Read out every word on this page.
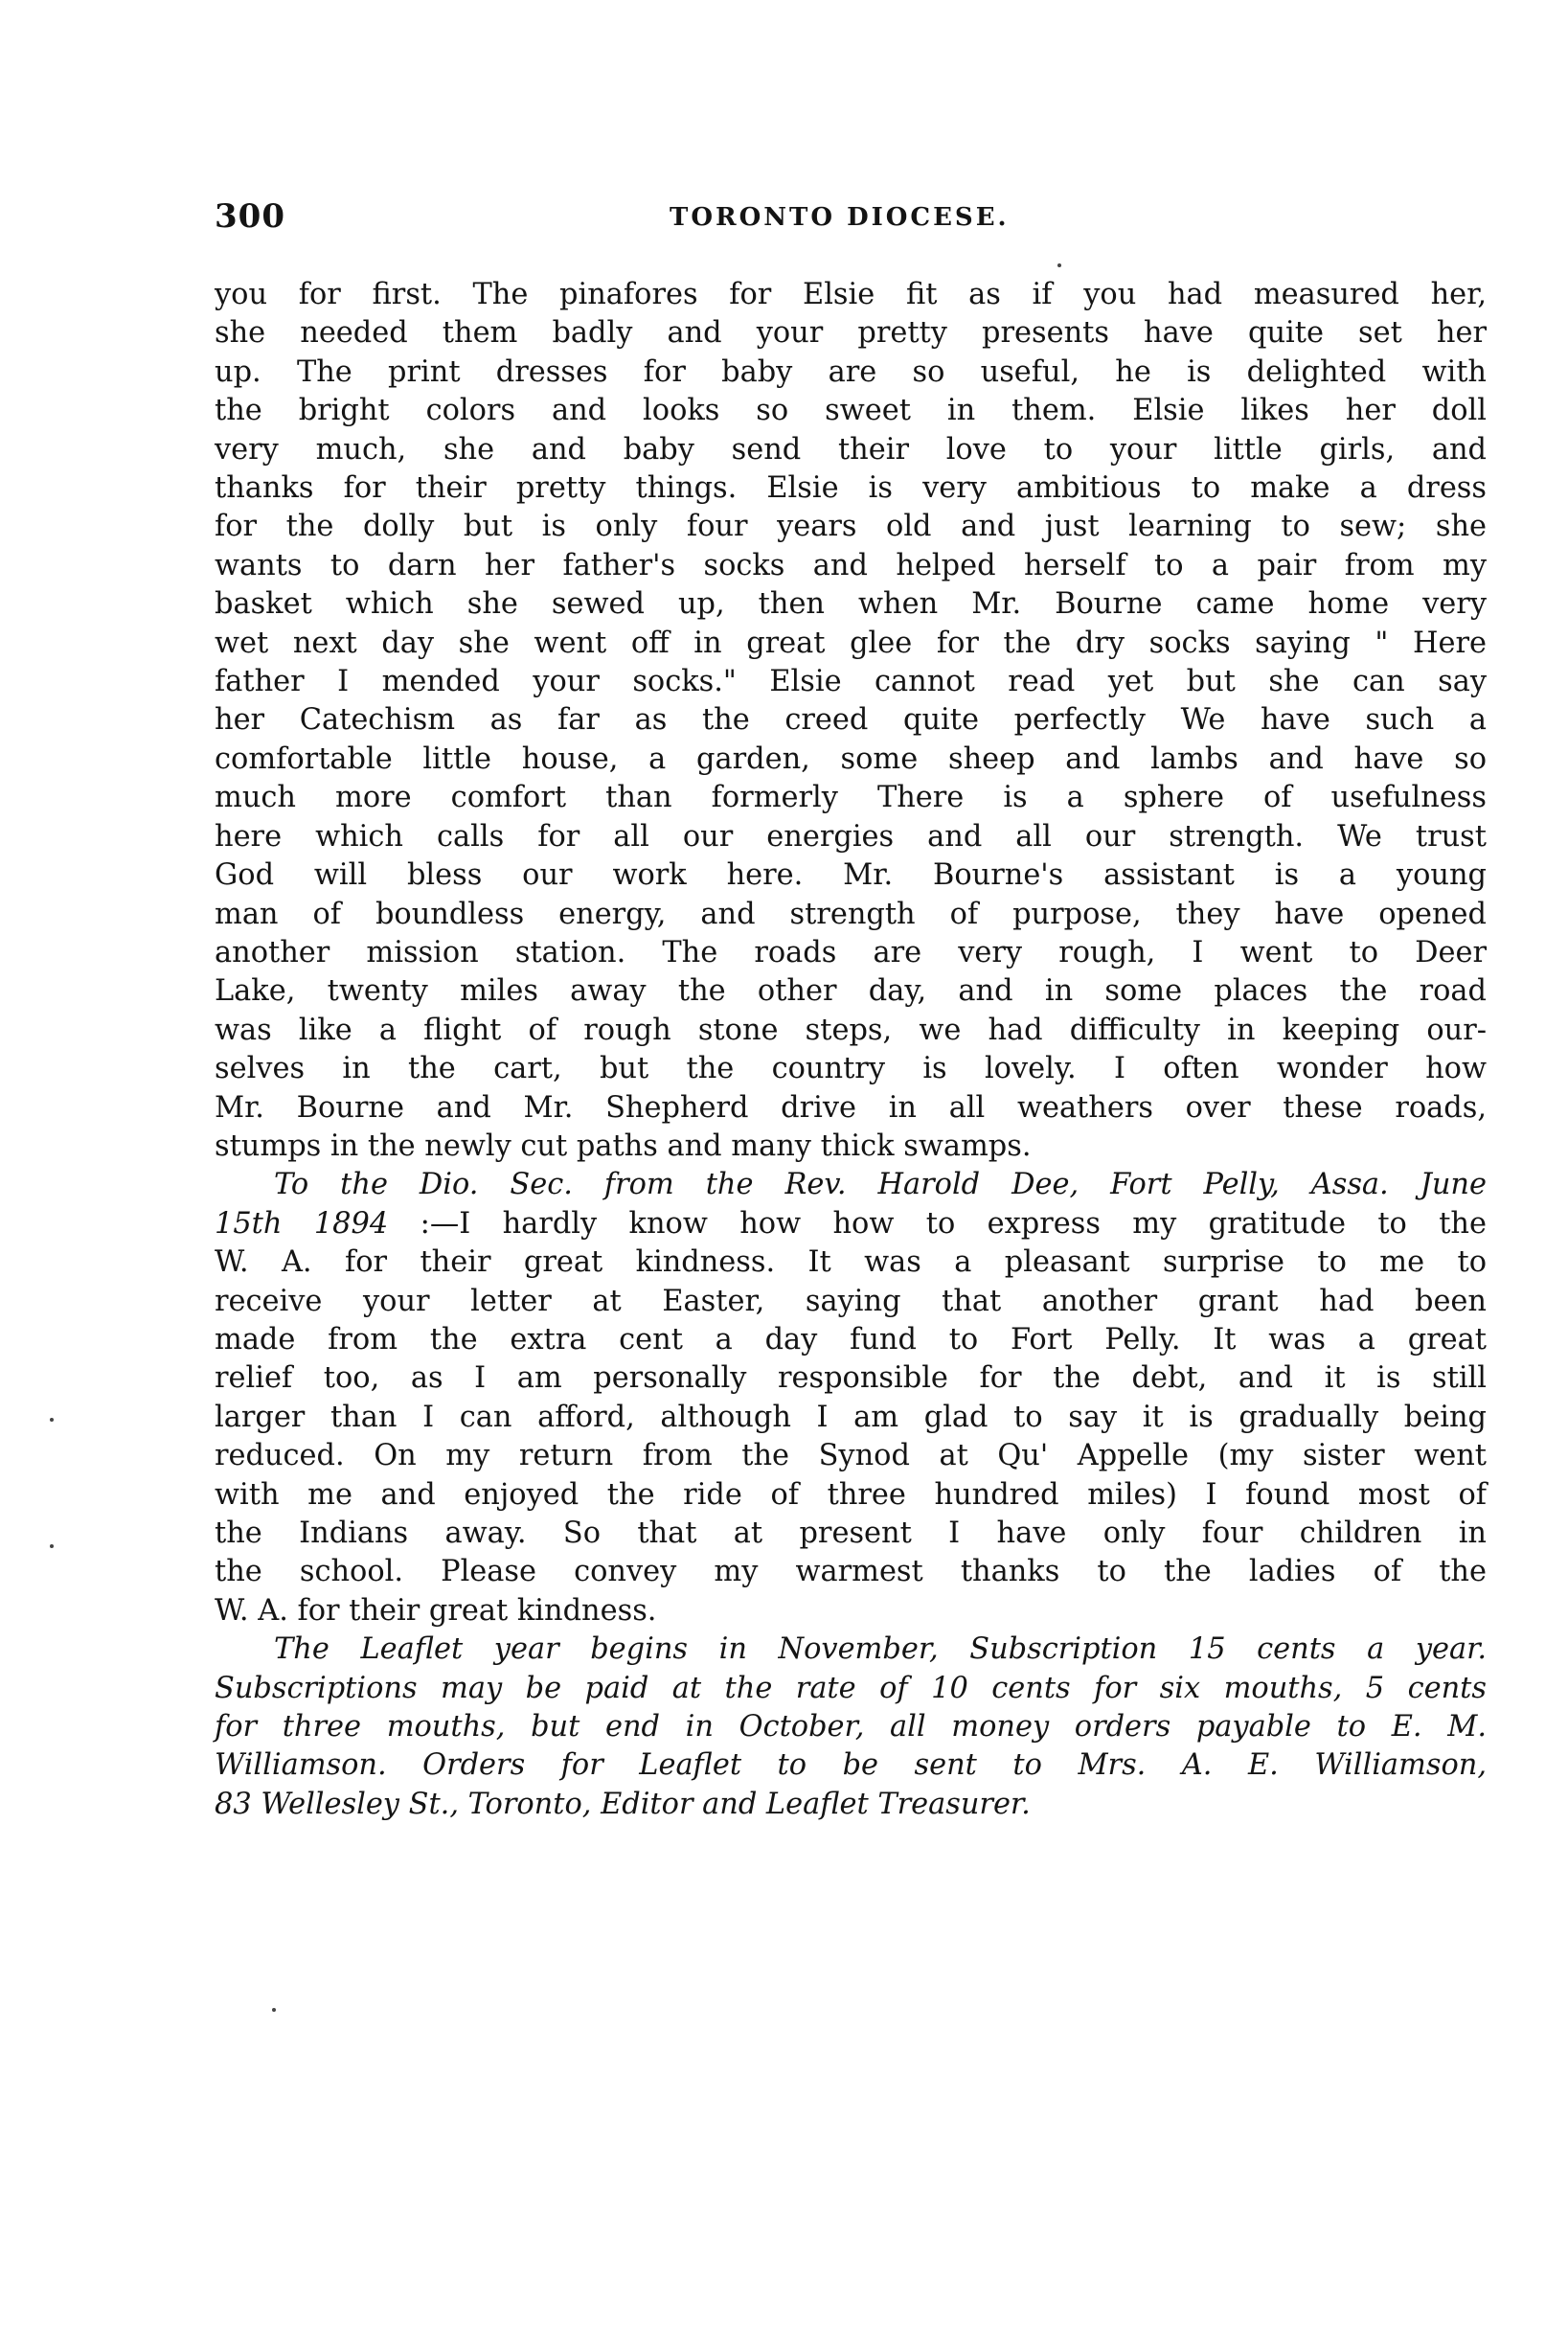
300	TORONTO DIOCESE.
you for first. The pinafores for Elsie fit as if you had measured her,
she needed them badly and your pretty presents have quite set her
up. The print dresses for baby are so useful, he is delighted with
the bright colors and looks so sweet in them. Elsie likes her doll
very much, she and baby send their love to your little girls, and
thanks for their pretty things. Elsie is very ambitious to make a dress
for the dolly but is only four years old and just learning to sew; she
wants to darn her father's socks and helped herself to a pair from my
basket which she sewed up, then when Mr. Bourne came home very
wet next day she went off in great glee for the dry socks saying " Here
father I mended your socks." Elsie cannot read yet but she can say
her Catechism as far as the creed quite perfectly We have such a
comfortable little house, a garden, some sheep and lambs and have so
much more comfort than formerly There is a sphere of usefulness
here which calls for all our energies and all our strength. We trust
God will bless our work here. Mr. Bourne's assistant is a young
man of boundless energy, and strength of purpose, they have opened
another mission station. The roads are very rough, I went to Deer
Lake, twenty miles away the other day, and in some places the road
was like a flight of rough stone steps, we had difficulty in keeping our-
selves in the cart, but the country is lovely. I often wonder how
Mr. Bourne and Mr. Shepherd drive in all weathers over these roads,
stumps in the newly cut paths and many thick swamps.
To the Dio. Sec. from the Rev. Harold Dee, Fort Pelly, Assa. June
15th 1894 :—I hardly know how how to express my gratitude to the
W. A. for their great kindness. It was a pleasant surprise to me to
receive your letter at Easter, saying that another grant had been
made from the extra cent a day fund to Fort Pelly. It was a great
relief too, as I am personally responsible for the debt, and it is still
larger than I can afford, although I am glad to say it is gradually being
reduced. On my return from the Synod at Qu' Appelle (my sister went
with me and enjoyed the ride of three hundred miles) I found most of
the Indians away. So that at present I have only four children in
the school. Please convey my warmest thanks to the ladies of the
W. A. for their great kindness.
The Leaflet year begins in November, Subscription 15 cents a year.
Subscriptions may be paid at the rate of 10 cents for six mouths, 5 cents
for three mouths, but end in October, all money orders payable to E. M.
Williamson. Orders for Leaflet to be sent to Mrs. A. E. Williamson,
83 Wellesley St., Toronto, Editor and Leaflet Treasurer.
